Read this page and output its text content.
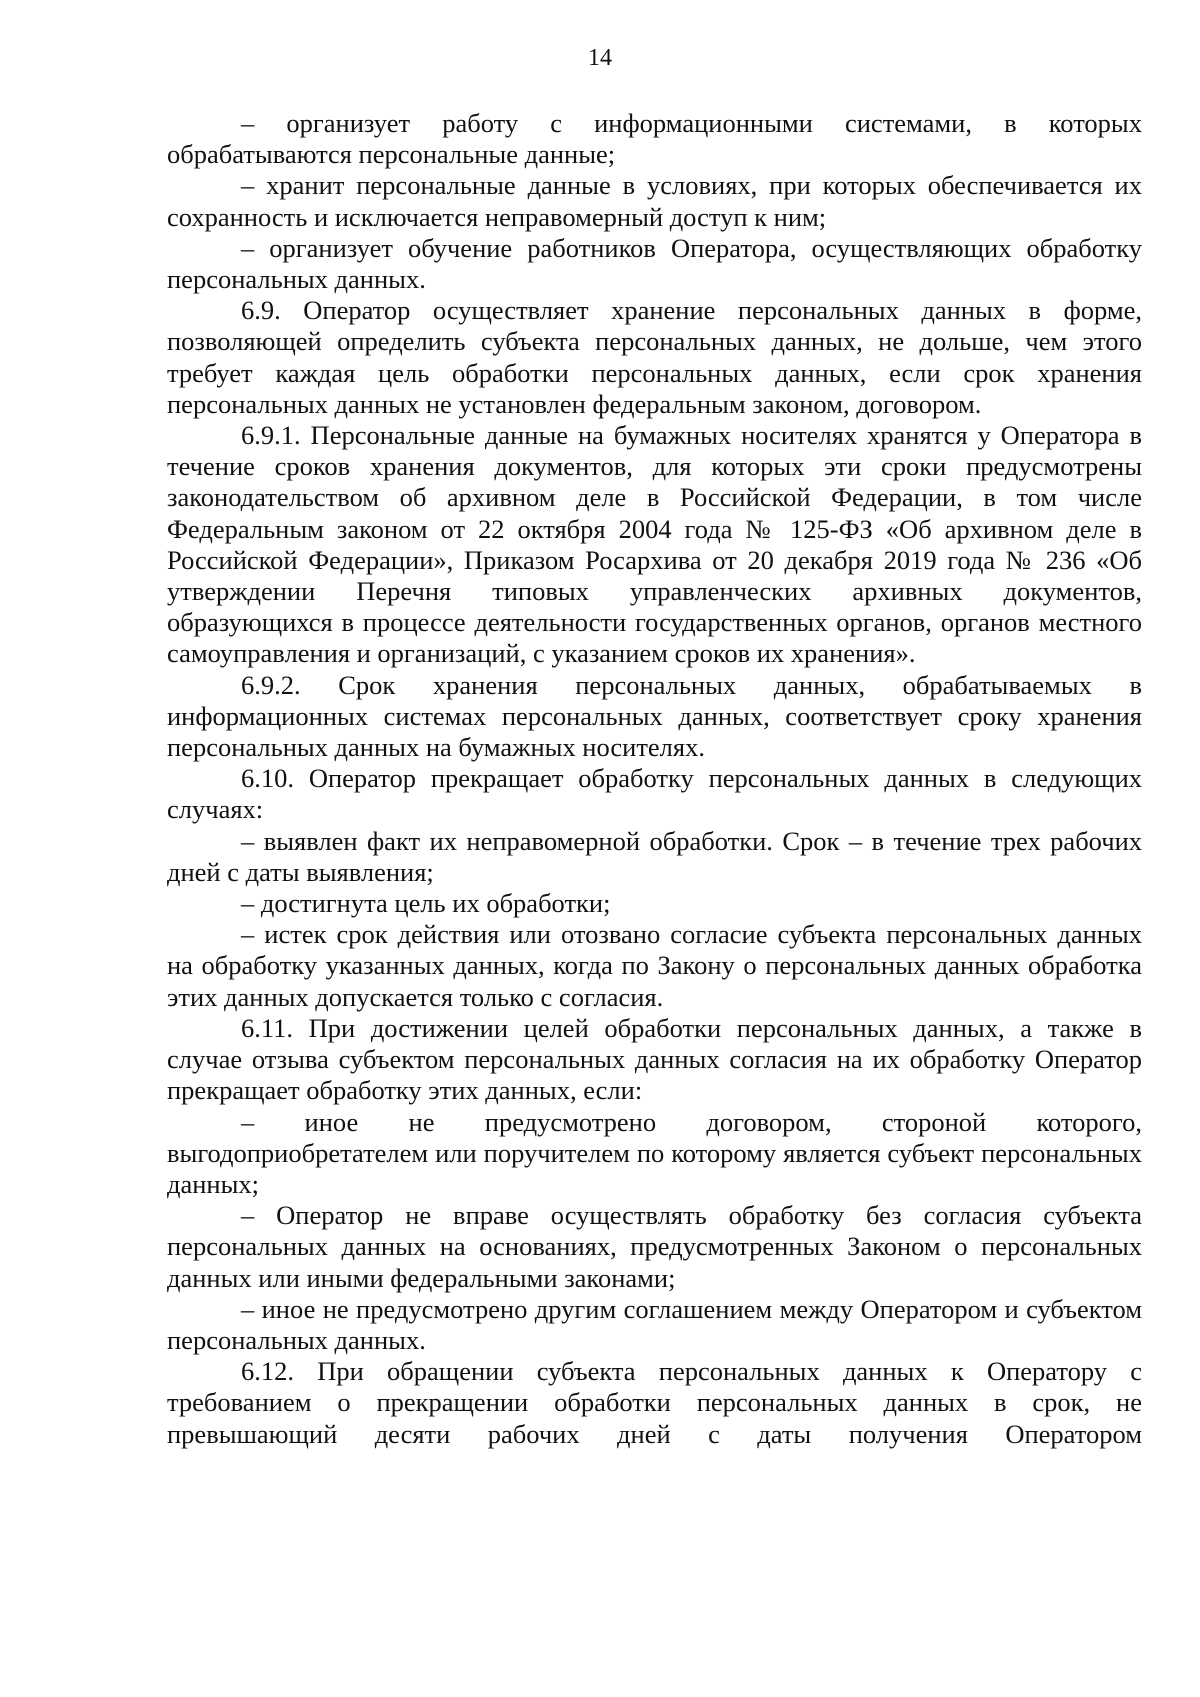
14

– организует работу с информационными системами, в которых обрабатываются персональные данные;

– хранит персональные данные в условиях, при которых обеспечивается их сохранность и исключается неправомерный доступ к ним;

– организует обучение работников Оператора, осуществляющих обработку персональных данных.

6.9. Оператор осуществляет хранение персональных данных в форме, позволяющей определить субъекта персональных данных, не дольше, чем этого требует каждая цель обработки персональных данных, если срок хранения персональных данных не установлен федеральным законом, договором.

6.9.1. Персональные данные на бумажных носителях хранятся у Оператора в течение сроков хранения документов, для которых эти сроки предусмотрены законодательством об архивном деле в Российской Федерации, в том числе Федеральным законом от 22 октября 2004 года № 125-ФЗ «Об архивном деле в Российской Федерации», Приказом Росархива от 20 декабря 2019 года № 236 «Об утверждении Перечня типовых управленческих архивных документов, образующихся в процессе деятельности государственных органов, органов местного самоуправления и организаций, с указанием сроков их хранения».

6.9.2. Срок хранения персональных данных, обрабатываемых в информационных системах персональных данных, соответствует сроку хранения персональных данных на бумажных носителях.

6.10. Оператор прекращает обработку персональных данных в следующих случаях:

– выявлен факт их неправомерной обработки. Срок – в течение трех рабочих дней с даты выявления;

– достигнута цель их обработки;

– истек срок действия или отозвано согласие субъекта персональных данных на обработку указанных данных, когда по Закону о персональных данных обработка этих данных допускается только с согласия.

6.11. При достижении целей обработки персональных данных, а также в случае отзыва субъектом персональных данных согласия на их обработку Оператор прекращает обработку этих данных, если:

– иное не предусмотрено договором, стороной которого, выгодоприобретателем или поручителем по которому является субъект персональных данных;

– Оператор не вправе осуществлять обработку без согласия субъекта персональных данных на основаниях, предусмотренных Законом о персональных данных или иными федеральными законами;

– иное не предусмотрено другим соглашением между Оператором и субъектом персональных данных.

6.12. При обращении субъекта персональных данных к Оператору с требованием о прекращении обработки персональных данных в срок, не превышающий десяти рабочих дней с даты получения Оператором
